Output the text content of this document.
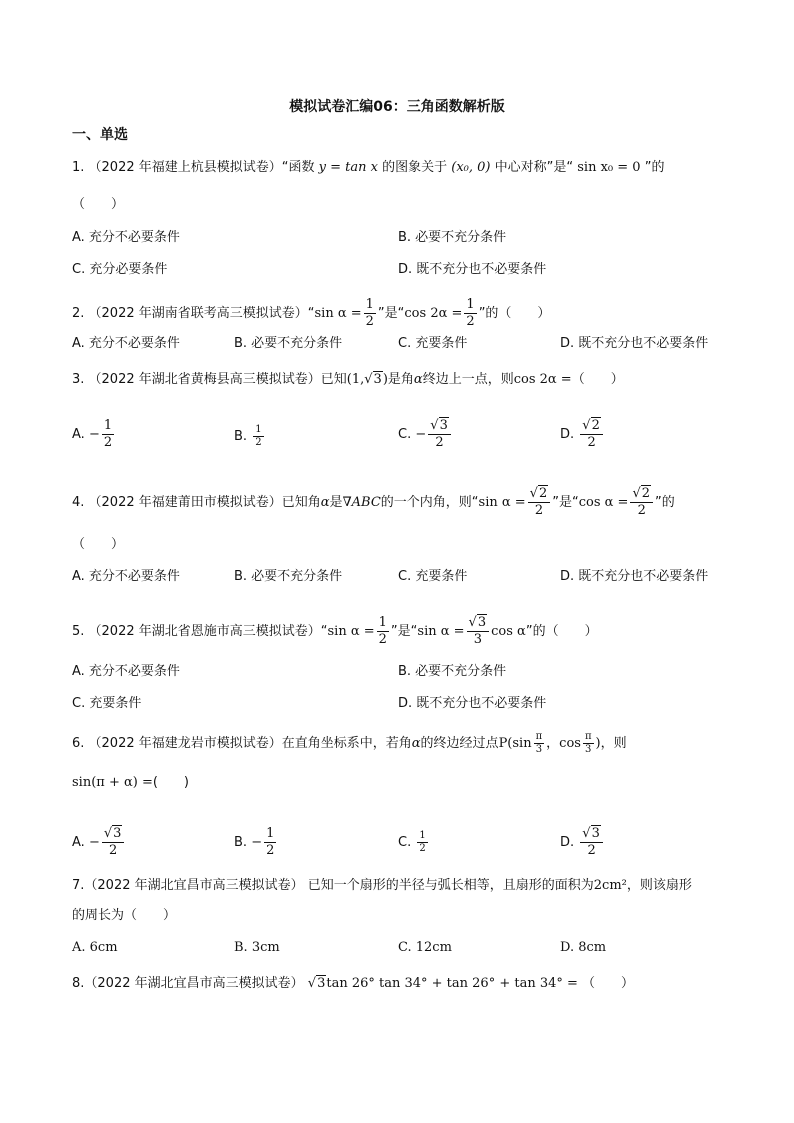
模拟试卷汇编06：三角函数解析版
一、单选
1. （2022 年福建上杭县模拟试卷）“函数 y = tan x 的图象关于 (x₀, 0) 中心对称”是“ sin x₀ = 0 ”的
（　　）
A. 充分不必要条件	B. 必要不充分条件
C. 充分必要条件	D. 既不充分也不必要条件
2. （2022 年湖南省联考高三模拟试卷）“sin $\alpha = \frac{1}{2}$ ”是“cos $2\alpha = \frac{1}{2}$ ”的（　　）
A. 充分不必要条件	B. 必要不充分条件	C. 充要条件	D. 既不充分也不必要条件
3. （2022 年湖北省黄梅县高三模拟试卷）已知(1,√3)是角α终边上一点，则cos 2α =（　　）
A. − $\frac{1}{2}$	B. $\frac{1}{2}$	C. − $\frac{√3}{2}$	D. $\frac{√2}{2}$
4. （2022 年福建莆田市模拟试卷）已知角α是∇ABC的一个内角，则“sin $\alpha = \frac{√2}{2}$ ”是“cos $\alpha = \frac{√2}{2}$ ”的
（　　）
A. 充分不必要条件	B. 必要不充分条件	C. 充要条件	D. 既不充分也不必要条件
5. （2022 年湖北省恩施市高三模拟试卷）“sin $\alpha = \frac{1}{2}$ ”是“sin $\alpha = \frac{√3}{3}$ cos α”的（　　）
A. 充分不必要条件	B. 必要不充分条件
C. 充要条件	D. 既不充分也不必要条件
6. （2022 年福建龙岩市模拟试卷）在直角坐标系中，若角α的终边经过点$P(\sin \frac{\pi}{3}$ ，$\cos \frac{\pi}{3}$ )，则
sin(π + α) =(　　)
A. − $\frac{√3}{2}$	B. − $\frac{1}{2}$	C. $\frac{1}{2}$	D. $\frac{√3}{2}$
7.（2022 年湖北宜昌市高三模拟试卷） 已知一个扇形的半径与弧长相等，且扇形的面积为2cm²，则该扇形
的周长为（　　）
A. 6cm	B. 3cm	C. 12cm	D. 8cm
8.（2022 年湖北宜昌市高三模拟试卷） √3tan 26° tan 34° + tan 26° + tan 34° = （　　）
